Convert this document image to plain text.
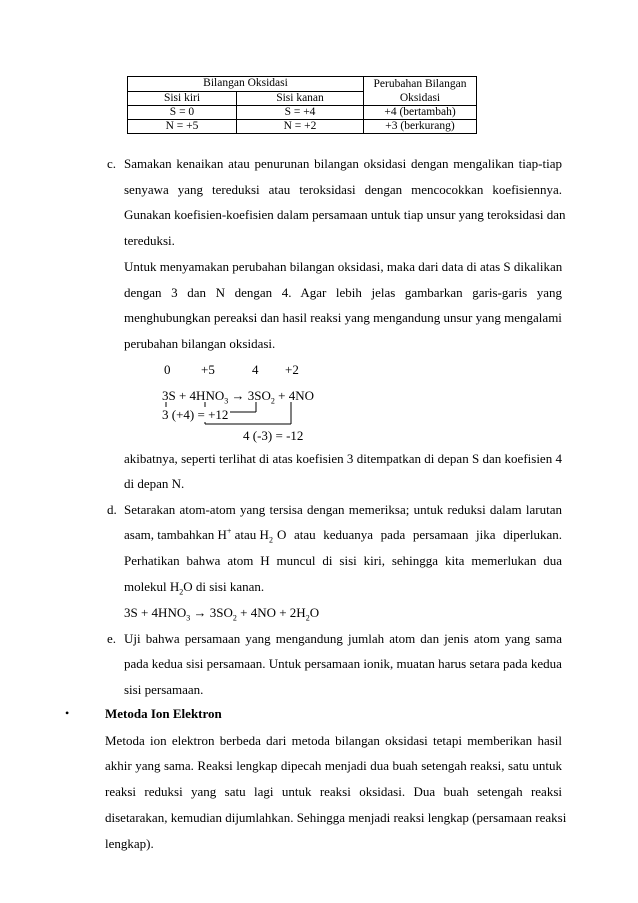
Bilangan Oksidasi		Perubahan Bilangan
Oksidasi
Sisi kiri	Sisi kanan	
S = 0	S = +4	+4 (bertambah)
N = +5	N = +2	+3 (berkurang)
c. Samakan kenaikan atau penurunan bilangan oksidasi dengan mengalikan tiap-tiap
senyawa yang tereduksi atau teroksidasi dengan mencocokkan koefisiennya.
Gunakan koefisien-koefisien dalam persamaan untuk tiap unsur yang teroksidasi dan
tereduksi.
Untuk menyamakan perubahan bilangan oksidasi, maka dari data di atas S dikalikan
dengan 3 dan N dengan 4. Agar lebih jelas gambarkan garis-garis yang
menghubungkan pereaksi dan hasil reaksi yang mengandung unsur yang mengalami
perubahan bilangan oksidasi.
0 +5	4 +2
$3S + 4HNO_3 \to 3SO_2 + 4NO$
3 (+4) = +12
4 (-3) = -12
akibatnya, seperti terlihat di atas koefisien 3 ditempatkan di depan S dan koefisien 4
di depan N.
d. Setarakan atom-atom yang tersisa dengan memeriksa; untuk reduksi dalam larutan
asam, tambahkan H+ atau $H_2$ O atau keduanya pada persamaan jika diperlukan.
Perhatikan bahwa atom H muncul di sisi kiri, sehingga kita memerlukan dua
molekul $H_2O$ di sisi kanan.
$3S + 4HNO_3 \to 3SO_2 + 4NO + 2H_2O$
e. Uji bahwa persamaan yang mengandung jumlah atom dan jenis atom yang sama
pada kedua sisi persamaan. Untuk persamaan ionik, muatan harus setara pada kedua
sisi persamaan.
•	Metoda Ion Elektron
Metoda ion elektron berbeda dari metoda bilangan oksidasi tetapi memberikan hasil
akhir yang sama. Reaksi lengkap dipecah menjadi dua buah setengah reaksi, satu untuk
reaksi reduksi yang satu lagi untuk reaksi oksidasi. Dua buah setengah reaksi
disetarakan, kemudian dijumlahkan. Sehingga menjadi reaksi lengkap (persamaan reaksi
lengkap).
